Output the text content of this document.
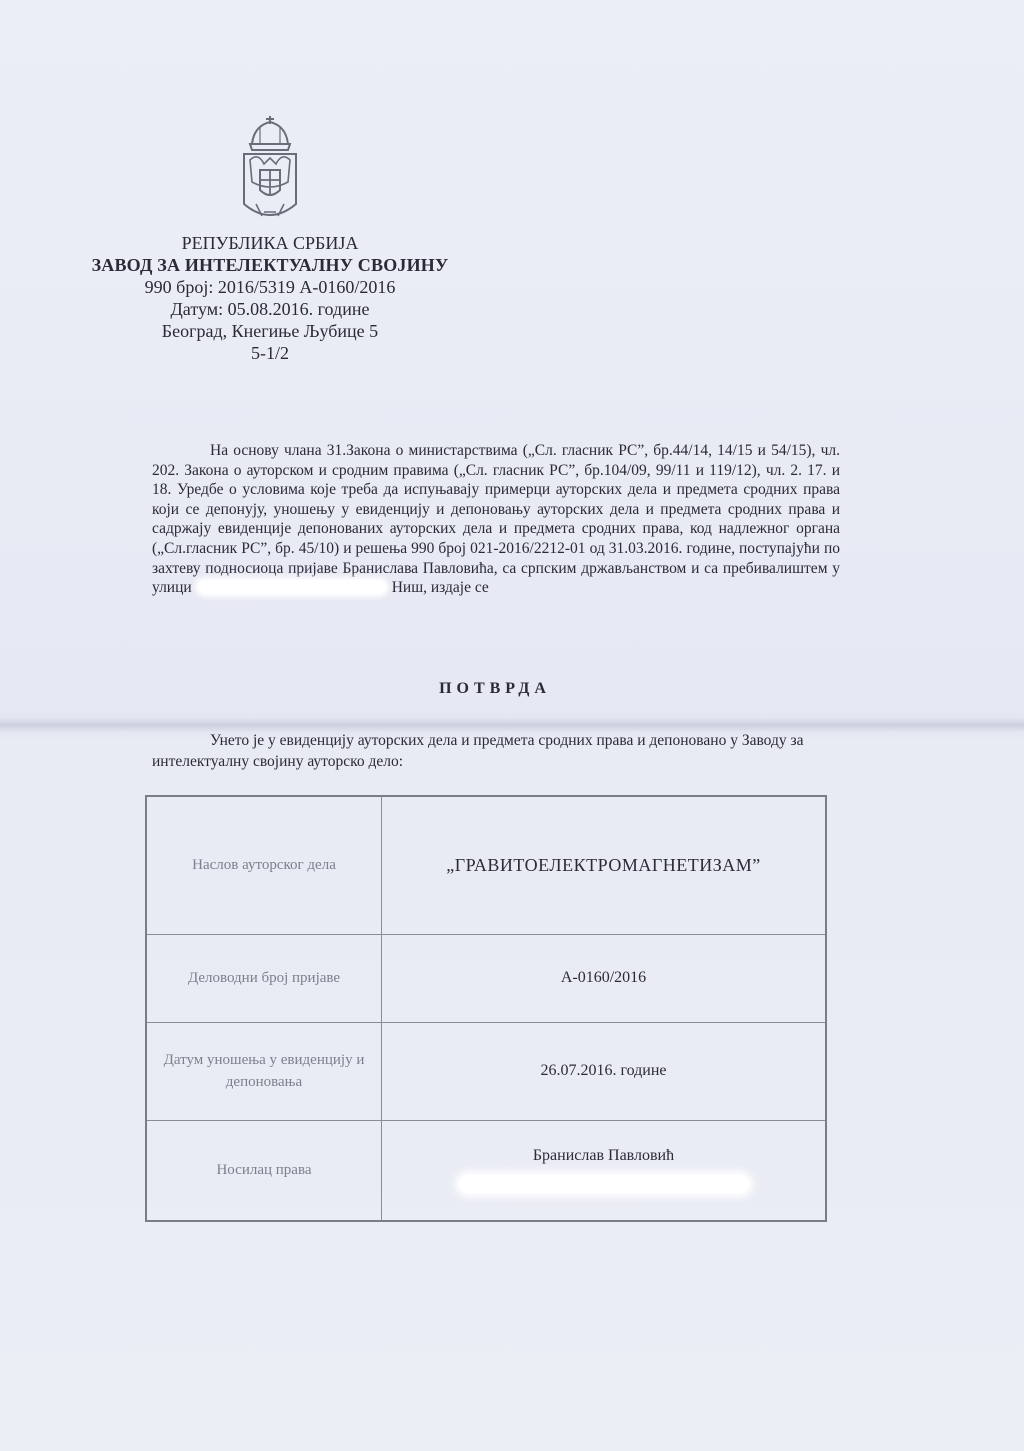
РЕПУБЛИКА СРБИЈА
ЗАВОД ЗА ИНТЕЛЕКТУАЛНУ СВОЈИНУ
990 број: 2016/5319 А-0160/2016
Датум: 05.08.2016. године
Београд, Кнегиње Љубице 5
5-1/2
На основу члана 31.Закона о министарствима („Сл. гласник РС”, бр.44/14, 14/15 и 54/15), чл. 202. Закона о ауторском и сродним правима („Сл. гласник РС”, бр.104/09, 99/11 и 119/12), чл. 2. 17. и 18. Уредбе о условима које треба да испуњавају примерци ауторских дела и предмета сродних права који се депонују, уношењу у евиденцију и депоновању ауторских дела и предмета сродних права и садржају евиденције депонованих ауторских дела и предмета сродних права, код надлежног органа („Сл.гласник РС”, бр. 45/10) и решења 990 број 021-2016/2212-01 од 31.03.2016. године, поступајући по захтеву подносиоца пријаве Бранислава Павловића, са српским држављанством и са пребивалиштем у улици	Ниш, издаје се
ПОТВРДА
Унето је у евиденцију ауторских дела и предмета сродних права и депоновано у Заводу за интелектуалну својину ауторско дело:
Наслов ауторског дела	„ГРАВИТОЕЛЕКТРОМАГНЕТИЗАМ”
Деловодни број пријаве	А-0160/2016
Датум уношења у евиденцију и депоновања	26.07.2016. године
Носилац права	Бранислав Павловић
